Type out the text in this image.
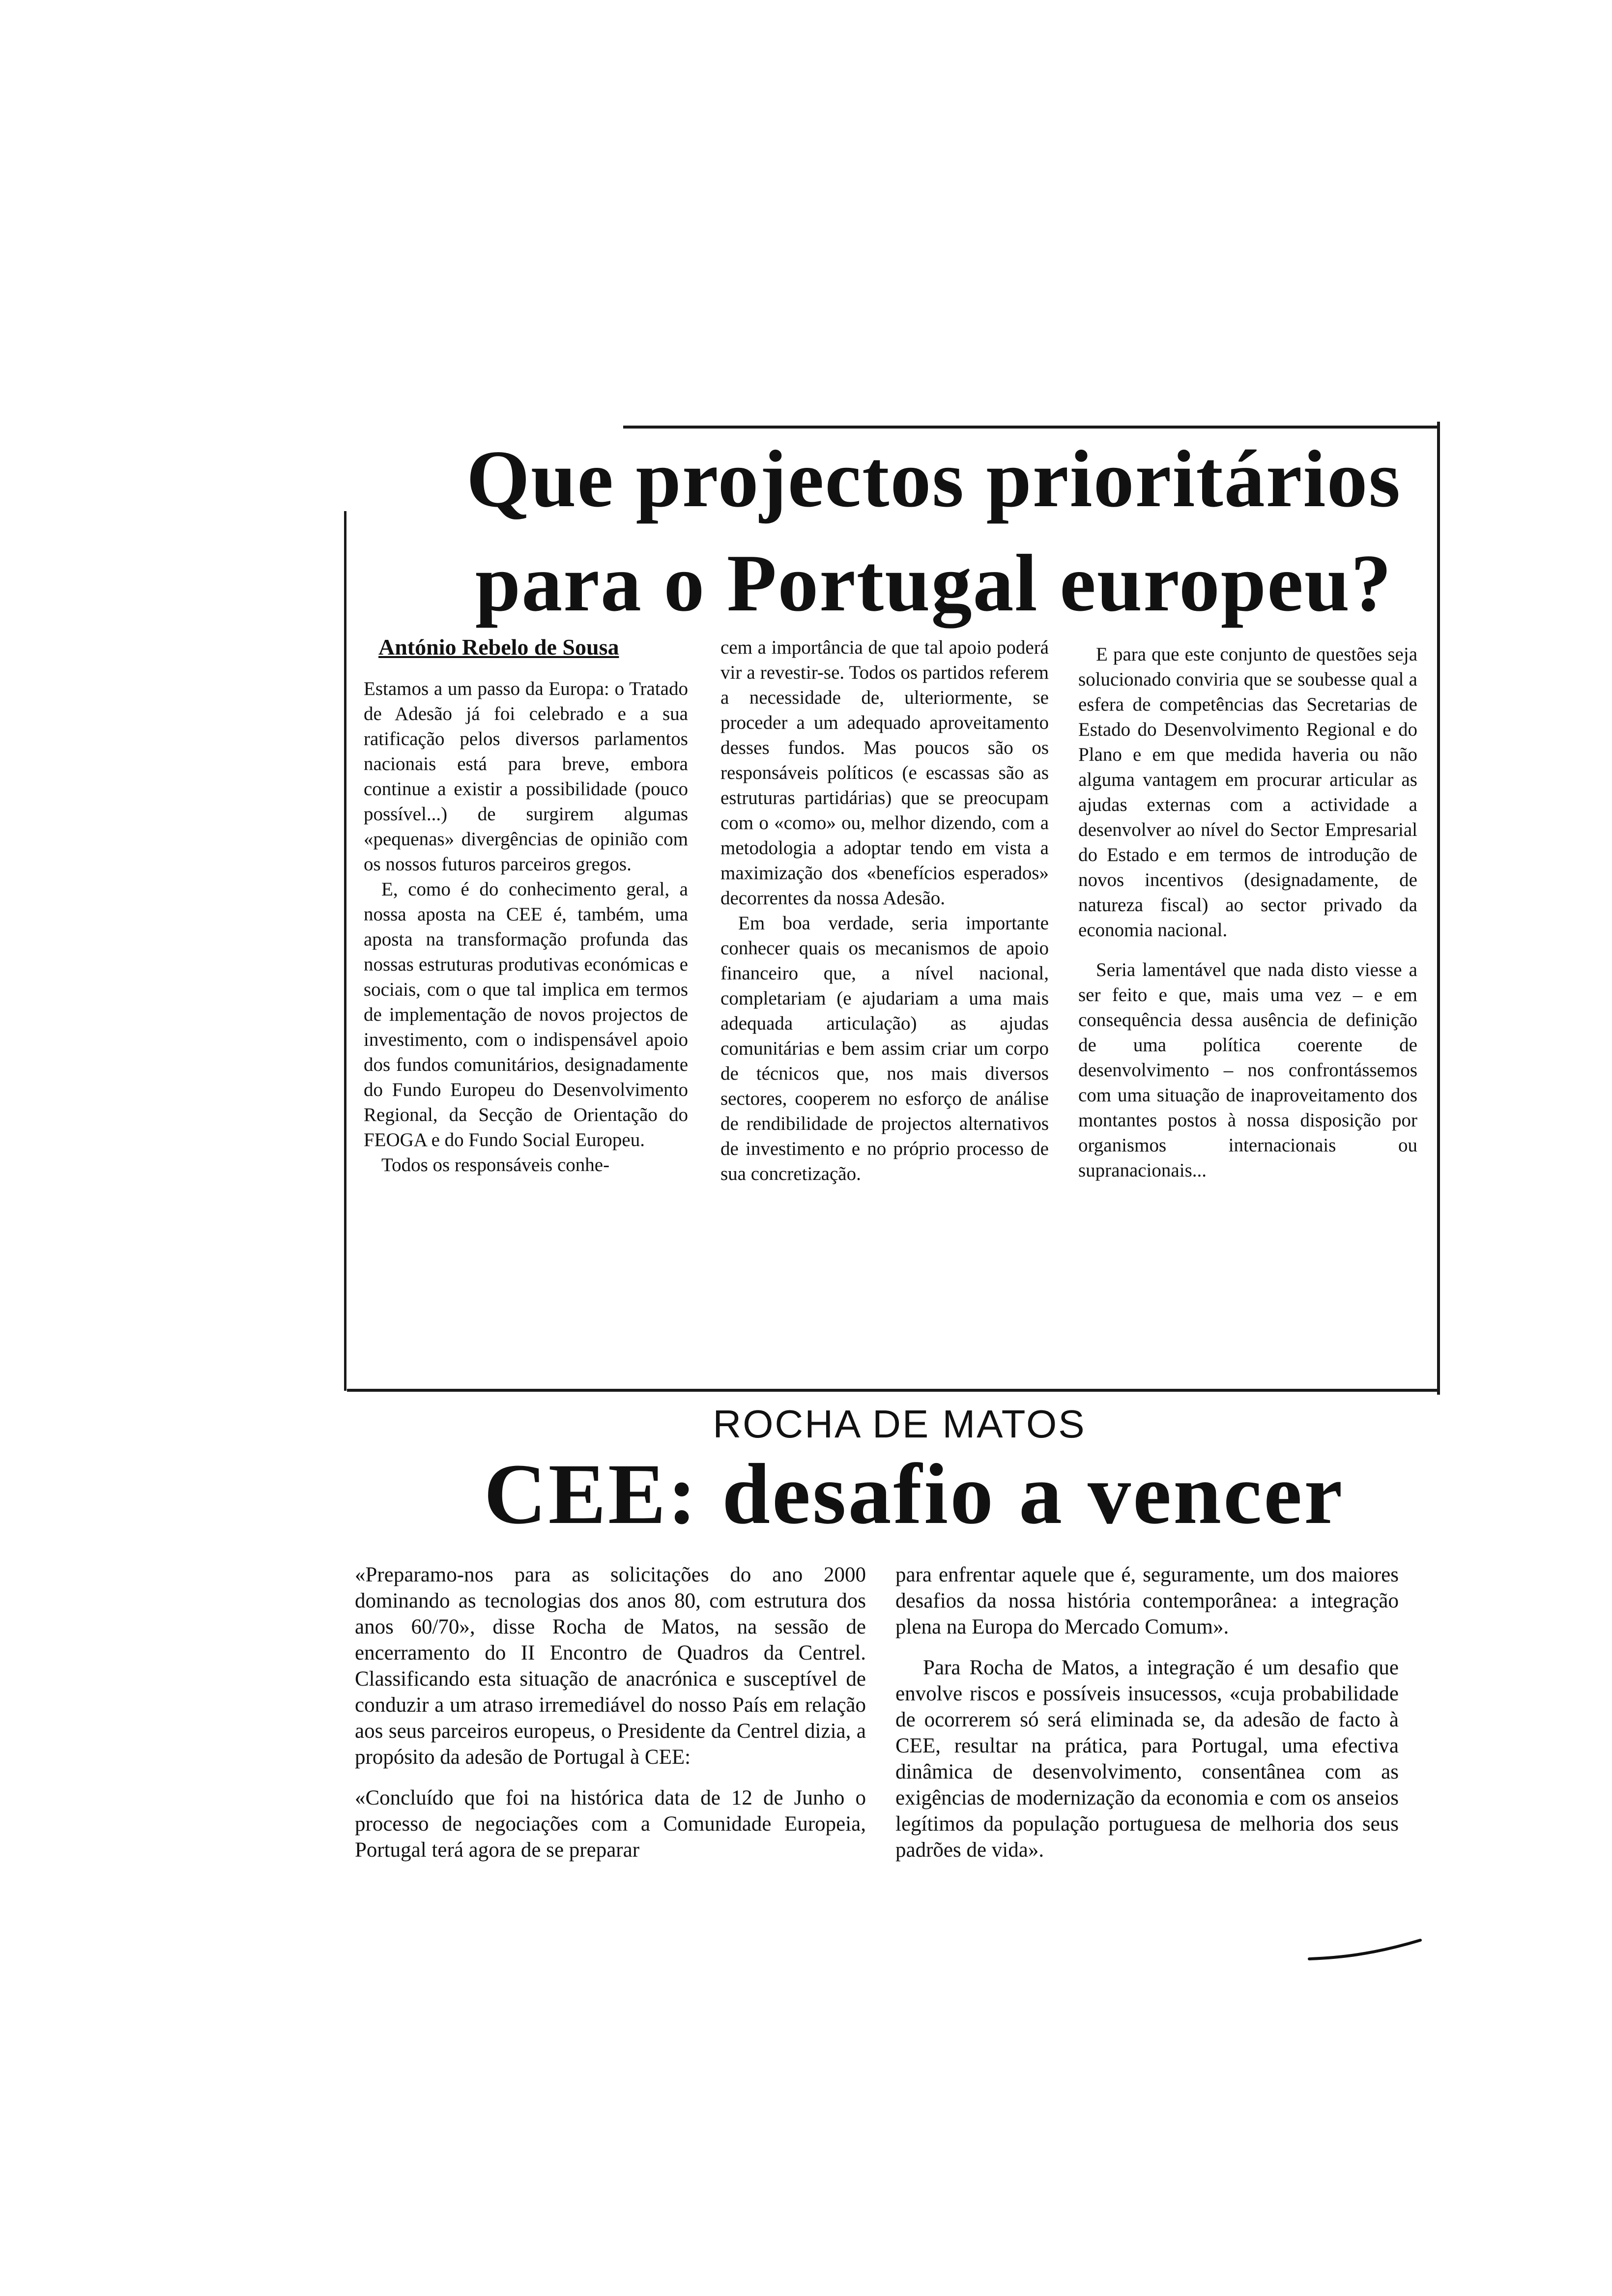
Que projectos prioritários
para o Portugal europeu?
António Rebelo de Sousa

Estamos a um passo da Europa: o Tratado de Adesão já foi celebrado e a sua ratificação pelos diversos parlamentos nacionais está para breve, embora continue a existir a possibilidade (pouco possível...) de surgirem algumas «pequenas» divergências de opinião com os nossos futuros parceiros gregos.

E, como é do conhecimento geral, a nossa aposta na CEE é, também, uma aposta na transformação profunda das nossas estruturas produtivas económicas e sociais, com o que tal implica em termos de implementação de novos projectos de investimento, com o indispensável apoio dos fundos comunitários, designadamente do Fundo Europeu do Desenvolvimento Regional, da Secção de Orientação do FEOGA e do Fundo Social Europeu.

Todos os responsáveis conhe-

cem a importância de que tal apoio poderá vir a revestir-se. Todos os partidos referem a necessidade de, ulteriormente, se proceder a um adequado aproveitamento desses fundos. Mas poucos são os responsáveis políticos (e escassas são as estruturas partidárias) que se preocupam com o «como» ou, melhor dizendo, com a metodologia a adoptar tendo em vista a maximização dos «benefícios esperados» decorrentes da nossa Adesão.

Em boa verdade, seria importante conhecer quais os mecanismos de apoio financeiro que, a nível nacional, completariam (e ajudariam a uma mais adequada articulação) as ajudas comunitárias e bem assim criar um corpo de técnicos que, nos mais diversos sectores, cooperem no esforço de análise de rendibilidade de projectos alternativos de investimento e no próprio processo de sua concretização.

E para que este conjunto de questões seja solucionado conviria que se soubesse qual a esfera de competências das Secretarias de Estado do Desenvolvimento Regional e do Plano e em que medida haveria ou não alguma vantagem em procurar articular as ajudas externas com a actividade a desenvolver ao nível do Sector Empresarial do Estado e em termos de introdução de novos incentivos (designadamente, de natureza fiscal) ao sector privado da economia nacional.

Seria lamentável que nada disto viesse a ser feito e que, mais uma vez – e em consequência dessa ausência de definição de uma política coerente de desenvolvimento – nos confrontássemos com uma situação de inaproveitamento dos montantes postos à nossa disposição por organismos internacionais ou supranacionais...

ROCHA DE MATOS
CEE: desafio a vencer

«Preparamo-nos para as solicitações do ano 2000 dominando as tecnologias dos anos 80, com estrutura dos anos 60/70», disse Rocha de Matos, na sessão de encerramento do II Encontro de Quadros da Centrel. Classificando esta situação de anacrónica e susceptível de conduzir a um atraso irremediável do nosso País em relação aos seus parceiros europeus, o Presidente da Centrel dizia, a propósito da adesão de Portugal à CEE:

«Concluído que foi na histórica data de 12 de Junho o processo de negociações com a Comunidade Europeia, Portugal terá agora de se preparar

para enfrentar aquele que é, seguramente, um dos maiores desafios da nossa história contemporânea: a integração plena na Europa do Mercado Comum».

Para Rocha de Matos, a integração é um desafio que envolve riscos e possíveis insucessos, «cuja probabilidade de ocorrerem só será eliminada se, da adesão de facto à CEE, resultar na prática, para Portugal, uma efectiva dinâmica de desenvolvimento, consentânea com as exigências de modernização da economia e com os anseios legítimos da população portuguesa de melhoria dos seus padrões de vida».
